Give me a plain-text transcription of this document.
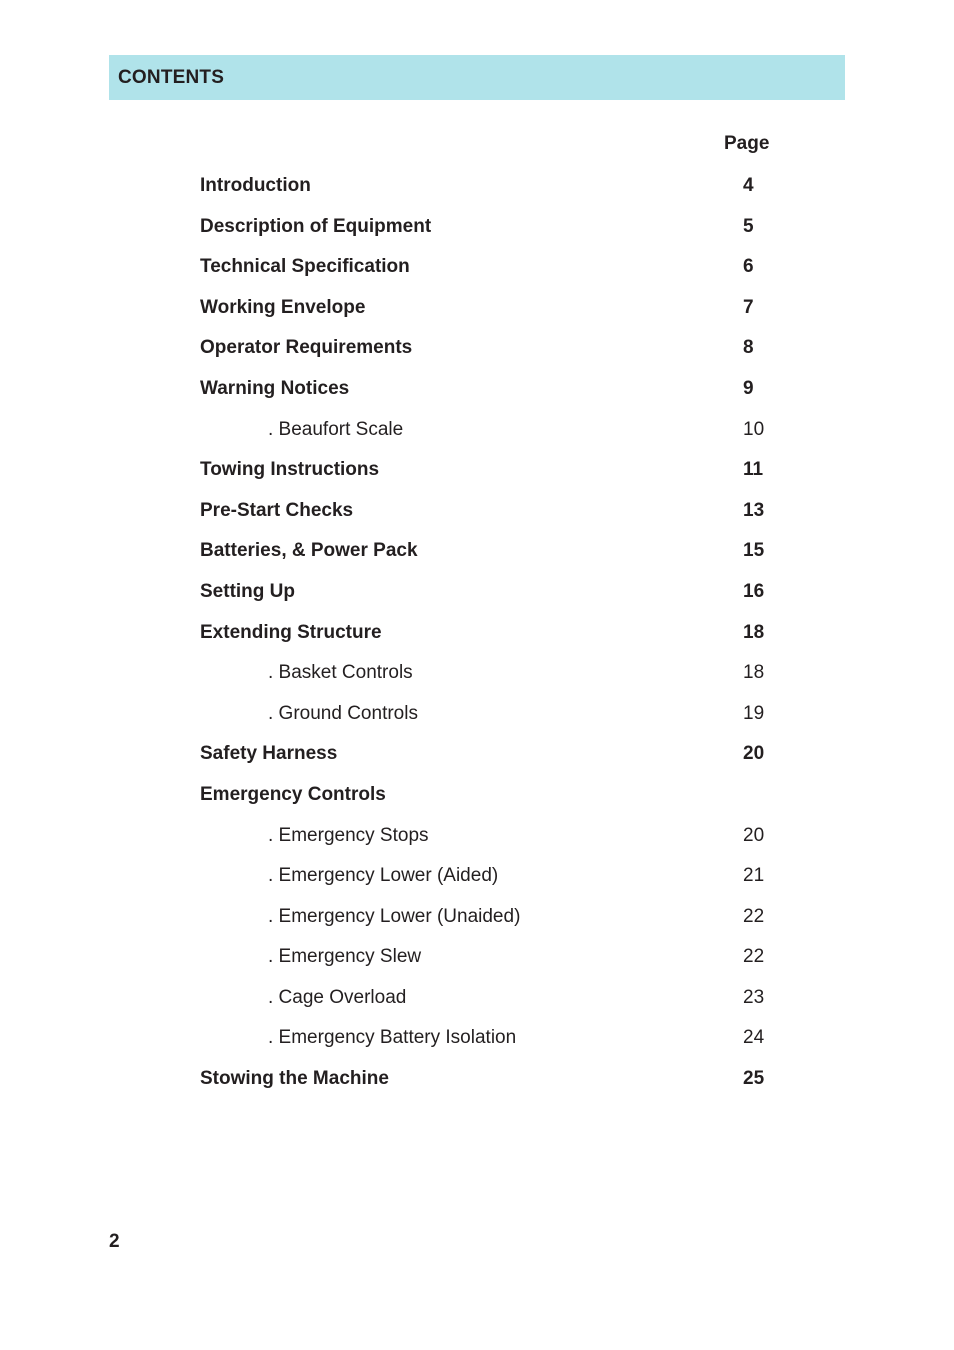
CONTENTS
Page
Introduction	4
Description of Equipment	5
Technical Specification	6
Working Envelope	7
Operator Requirements	8
Warning Notices	9
. Beaufort Scale	10
Towing Instructions	11
Pre-Start Checks	13
Batteries, & Power Pack	15
Setting Up	16
Extending Structure	18
. Basket Controls	18
. Ground Controls	19
Safety Harness	20
Emergency Controls
. Emergency Stops	20
. Emergency Lower (Aided)	21
. Emergency Lower (Unaided)	22
. Emergency Slew	22
. Cage Overload	23
. Emergency Battery Isolation	24
Stowing the Machine	25
2
